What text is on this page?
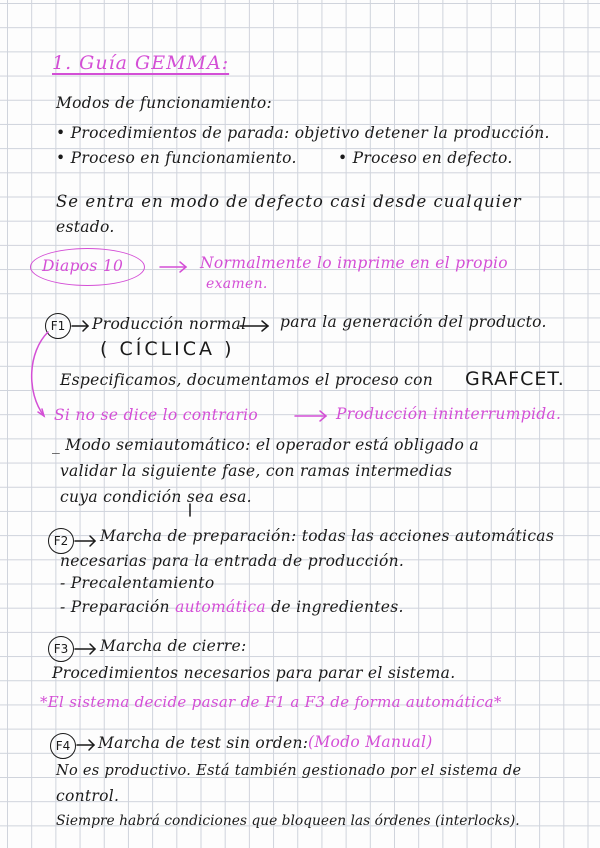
1. Guía GEMMA:
Modos de funcionamiento:
• Procedimientos de parada: objetivo detener la producción.
• Proceso en funcionamiento.	• Proceso en defecto.
Se entra en modo de defecto casi desde cualquier
estado.
Diapos 10	Normalmente lo imprime en el propio
examen.
F1	Producción normal para la generación del producto.
( CÍCLICA )
Especificamos, documentamos el proceso con GRAFCET.
Si no se dice lo contrario	Producción ininterrumpida.
_ Modo semiautomático: el operador está obligado a
validar la siguiente fase, con ramas intermedias
cuya condición sea esa.
F2	Marcha de preparación: todas las acciones automáticas
necesarias para la entrada de producción.
- Precalentamiento
- Preparación automática de ingredientes.
F3	Marcha de cierre:
Procedimientos necesarios para parar el sistema.
*El sistema decide pasar de F1 a F3 de forma automática*
F4	Marcha de test sin orden: (Modo Manual)
No es productivo. Está también gestionado por el sistema de
control.
Siempre habrá condiciones que bloqueen las órdenes (interlocks).
